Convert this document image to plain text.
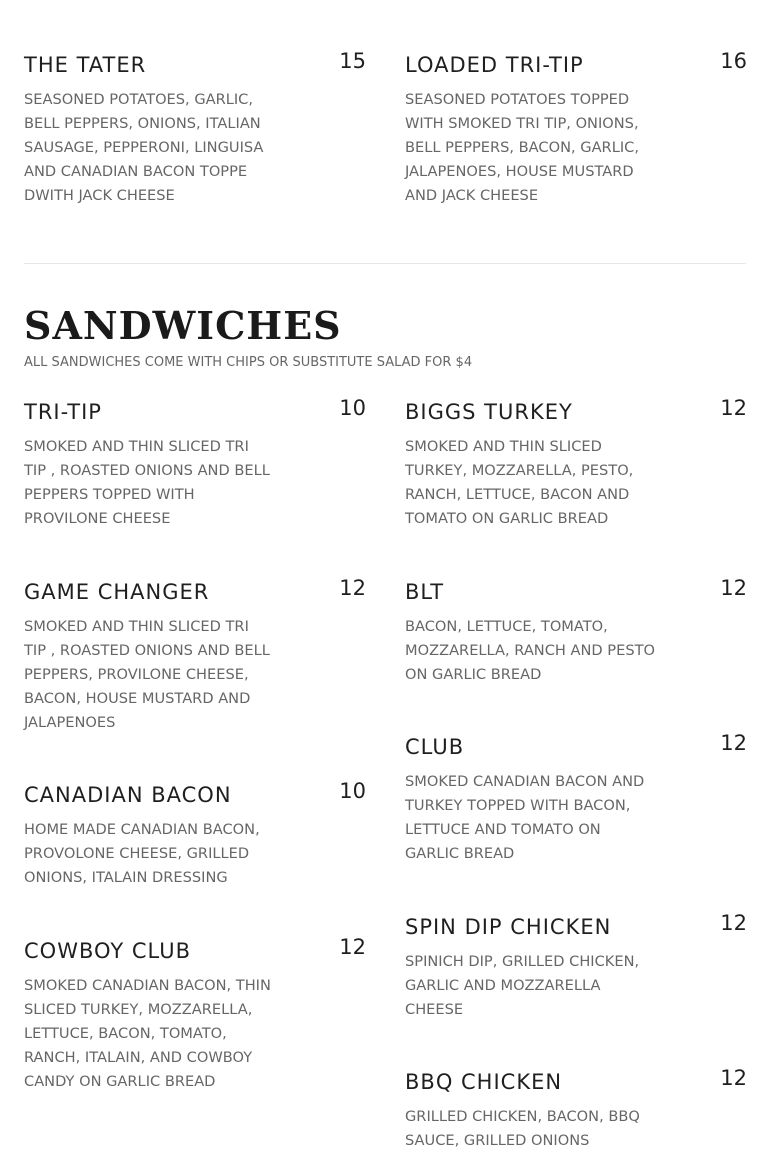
THE TATER	15
SEASONED POTATOES, GARLIC, BELL PEPPERS, ONIONS, ITALIAN SAUSAGE, PEPPERONI, LINGUISA AND CANADIAN BACON TOPPE DWITH JACK CHEESE
LOADED TRI-TIP	16
SEASONED POTATOES TOPPED WITH SMOKED TRI TIP, ONIONS, BELL PEPPERS, BACON, GARLIC, JALAPENOES, HOUSE MUSTARD AND JACK CHEESE
SANDWICHES
ALL SANDWICHES COME WITH CHIPS OR SUBSTITUTE SALAD FOR $4
TRI-TIP	10
SMOKED AND THIN SLICED TRI TIP , ROASTED ONIONS AND BELL PEPPERS TOPPED WITH PROVILONE CHEESE
GAME CHANGER	12
SMOKED AND THIN SLICED TRI TIP , ROASTED ONIONS AND BELL PEPPERS, PROVILONE CHEESE, BACON, HOUSE MUSTARD AND JALAPENOES
CANADIAN BACON	10
HOME MADE CANADIAN BACON, PROVOLONE CHEESE, GRILLED ONIONS, ITALAIN DRESSING
COWBOY CLUB	12
SMOKED CANADIAN BACON, THIN SLICED TURKEY, MOZZARELLA, LETTUCE, BACON, TOMATO, RANCH, ITALAIN, AND COWBOY CANDY ON GARLIC BREAD
BIGGS TURKEY	12
SMOKED AND THIN SLICED TURKEY, MOZZARELLA, PESTO, RANCH, LETTUCE, BACON AND TOMATO ON GARLIC BREAD
BLT	12
BACON, LETTUCE, TOMATO, MOZZARELLA, RANCH AND PESTO ON GARLIC BREAD
CLUB	12
SMOKED CANADIAN BACON AND TURKEY TOPPED WITH BACON, LETTUCE AND TOMATO ON GARLIC BREAD
SPIN DIP CHICKEN	12
SPINICH DIP, GRILLED CHICKEN, GARLIC AND MOZZARELLA CHEESE
BBQ CHICKEN	12
GRILLED CHICKEN, BACON, BBQ SAUCE, GRILLED ONIONS
